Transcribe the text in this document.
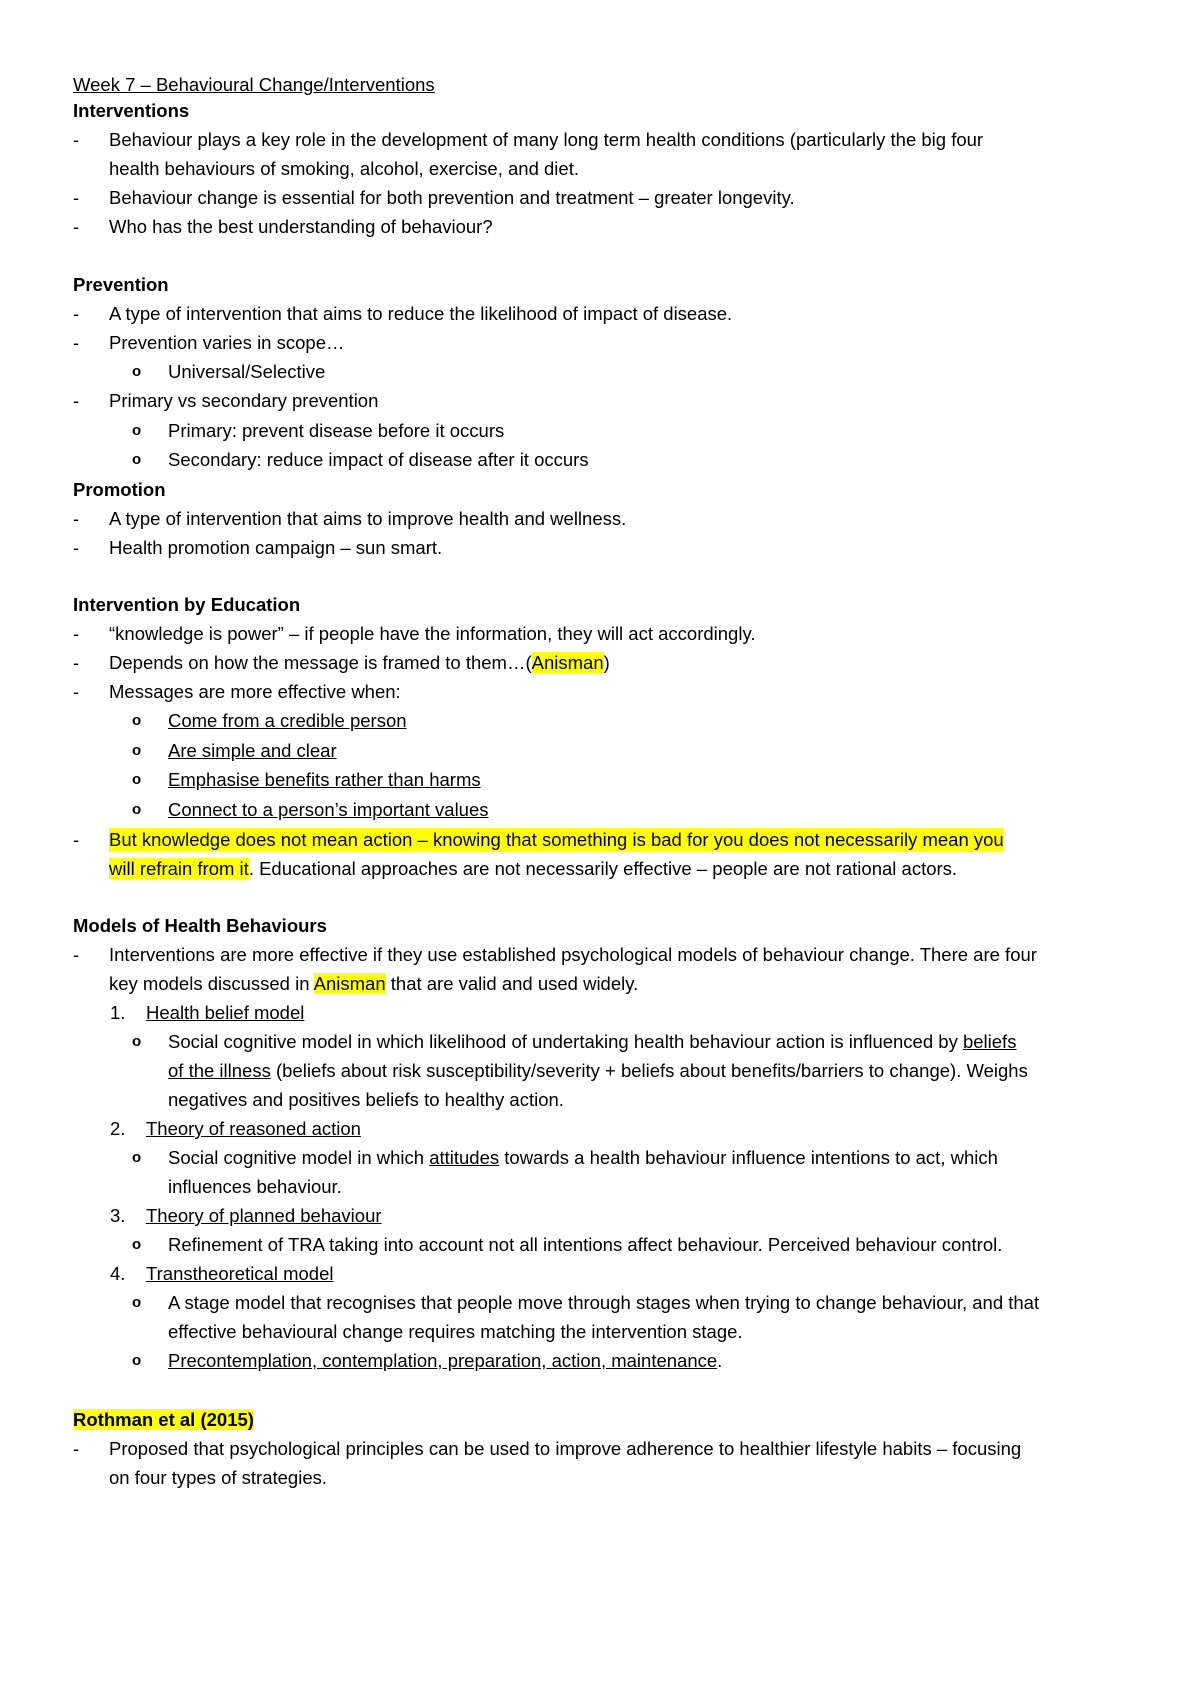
Week 7 – Behavioural Change/Interventions
Interventions
- Behaviour plays a key role in the development of many long term health conditions (particularly the big four
health behaviours of smoking, alcohol, exercise, and diet.
- Behaviour change is essential for both prevention and treatment – greater longevity.
- Who has the best understanding of behaviour?
Prevention
- A type of intervention that aims to reduce the likelihood of impact of disease.
- Prevention varies in scope…
o Universal/Selective
- Primary vs secondary prevention
o Primary: prevent disease before it occurs
o Secondary: reduce impact of disease after it occurs
Promotion
- A type of intervention that aims to improve health and wellness.
- Health promotion campaign – sun smart.
Intervention by Education
- “knowledge is power” – if people have the information, they will act accordingly.
- Depends on how the message is framed to them…(Anisman)
- Messages are more effective when:
o Come from a credible person
o Are simple and clear
o Emphasise benefits rather than harms
o Connect to a person’s important values
- But knowledge does not mean action – knowing that something is bad for you does not necessarily mean you
will refrain from it. Educational approaches are not necessarily effective – people are not rational actors.
Models of Health Behaviours
- Interventions are more effective if they use established psychological models of behaviour change. There are four
key models discussed in Anisman that are valid and used widely.
1. Health belief model
o Social cognitive model in which likelihood of undertaking health behaviour action is influenced by beliefs
of the illness (beliefs about risk susceptibility/severity + beliefs about benefits/barriers to change). Weighs
negatives and positives beliefs to healthy action.
2. Theory of reasoned action
o Social cognitive model in which attitudes towards a health behaviour influence intentions to act, which
influences behaviour.
3. Theory of planned behaviour
o Refinement of TRA taking into account not all intentions affect behaviour. Perceived behaviour control.
4. Transtheoretical model
o A stage model that recognises that people move through stages when trying to change behaviour, and that
effective behavioural change requires matching the intervention stage.
o Precontemplation, contemplation, preparation, action, maintenance.
Rothman et al (2015)
- Proposed that psychological principles can be used to improve adherence to healthier lifestyle habits – focusing
on four types of strategies.
